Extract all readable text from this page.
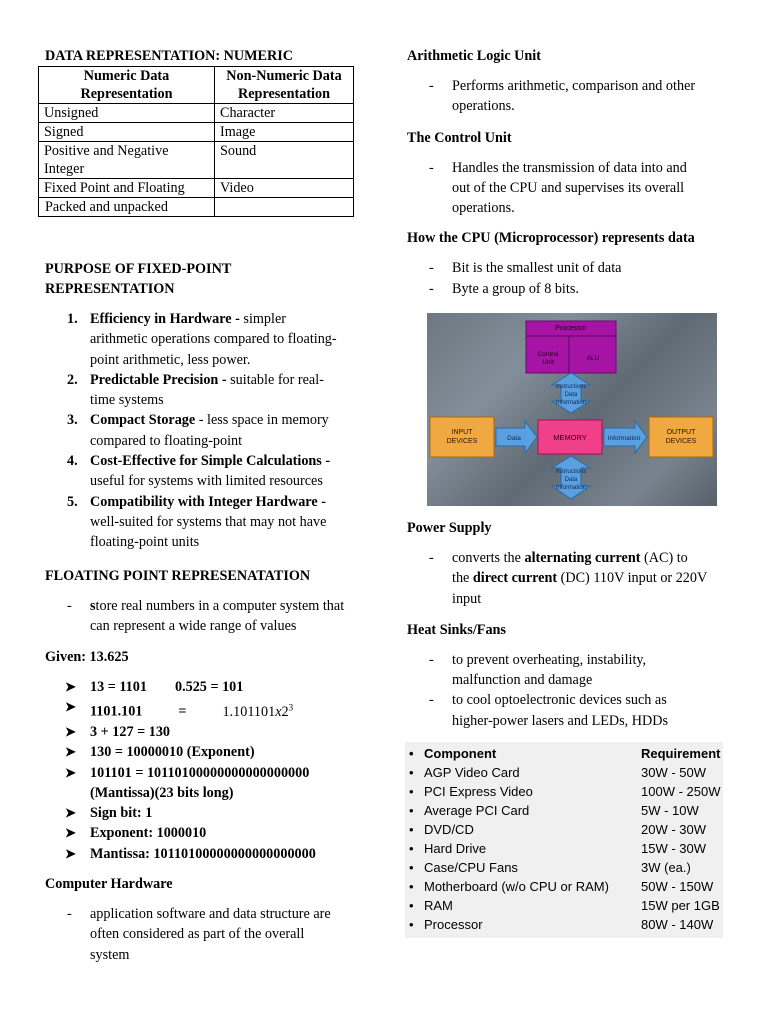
DATA REPRESENTATION: NUMERIC
Numeric Data Representation	Non-Numeric Data Representation
Unsigned	Character
Signed	Image
Positive and Negative Integer	Sound
Fixed Point and Floating	Video
Packed and unpacked	
PURPOSE OF FIXED-POINT
REPRESENTATION
1. Efficiency in Hardware - simpler
arithmetic operations compared to floating-
point arithmetic, less power.
2. Predictable Precision - suitable for real-
time systems
3. Compact Storage - less space in memory
compared to floating-point
4. Cost-Effective for Simple Calculations -
useful for systems with limited resources
5. Compatibility with Integer Hardware -
well-suited for systems that may not have
floating-point units
FLOATING POINT REPRESENATATION
- store real numbers in a computer system that
can represent a wide range of values
Given: 13.625
➤ 13 = 1101 0.525 = 101
➤ 1101.101	=	$1.101101x2^3$
➤ 3 + 127 = 130
➤ 130 = 10000010 (Exponent)
➤ 101101 = 10110100000000000000000
(Mantissa)(23 bits long)
➤ Sign bit: 1
➤ Exponent: 1000010
➤ Mantissa: 10110100000000000000000
Computer Hardware
- application software and data structure are
often considered as part of the overall
system
Arithmetic Logic Unit
- Performs arithmetic, comparison and other
operations.
The Control Unit
- Handles the transmission of data into and
out of the CPU and supervises its overall
operations.
How the CPU (Microprocessor) represents data
- Bit is the smallest unit of data
- Byte a group of 8 bits.
Processor
Control
Unit
ALU
Instructions
Data
Information
INPUT
DEVICES	Data	MEMORY	Information
OUTPUT
DEVICES
Instructions
Data
Information
Power Supply
- converts the alternating current (AC) to
the direct current (DC) 110V input or 220V
input
Heat Sinks/Fans
- to prevent overheating, instability,
malfunction and damage
- to cool optoelectronic devices such as
higher-power lasers and LEDs, HDDs
• Component	Requirement
• AGP Video Card	30W - 50W
• PCI Express Video	100W - 250W
• Average PCI Card	5W - 10W
• DVD/CD	20W - 30W
• Hard Drive	15W - 30W
• Case/CPU Fans	3W (ea.)
• Motherboard (w/o CPU or RAM) 50W - 150W
• RAM	15W per 1GB
• Processor	80W - 140W
